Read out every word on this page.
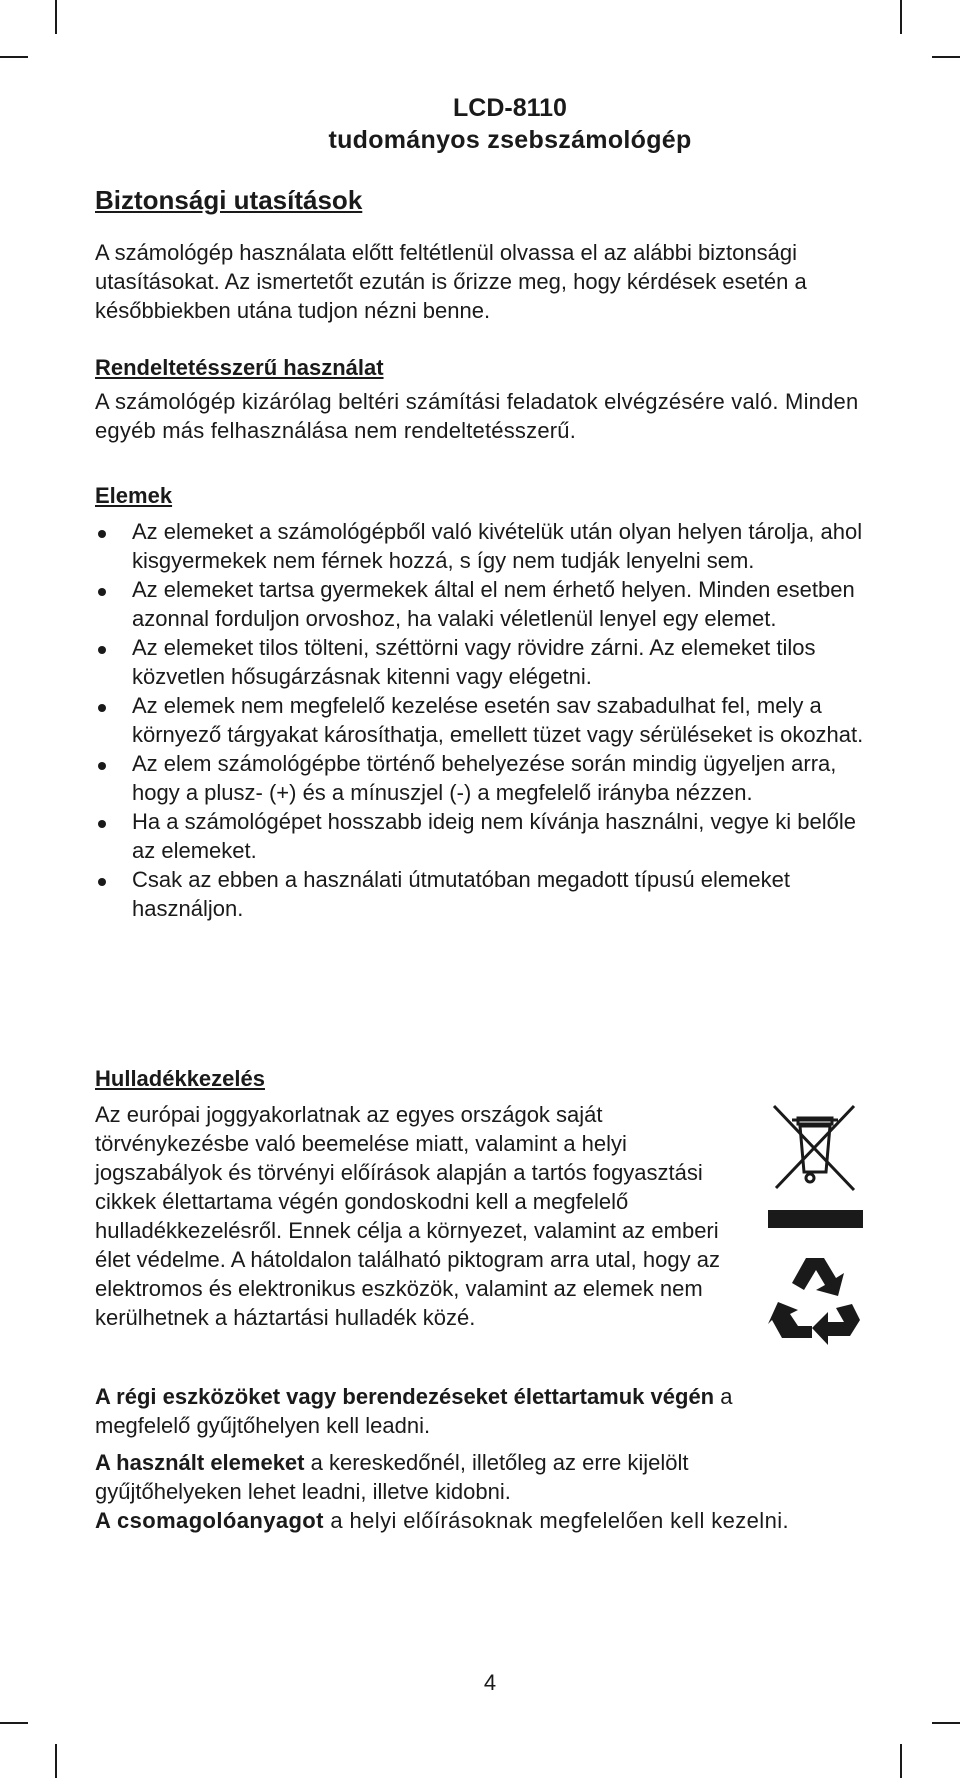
LCD-8110
tudományos zsebszámológép
Biztonsági utasítások

A számológép használata előtt feltétlenül olvassa el az alábbi biztonsági utasításokat. Az ismertetőt ezután is őrizze meg, hogy kérdések esetén a későbbiekben utána tudjon nézni benne.

Rendeltetésszerű használat

A számológép kizárólag beltéri számítási feladatok elvégzésére való. Minden egyéb más felhasználása nem rendeltetésszerű.

Elemek

Az elemeket a számológépből való kivételük után olyan helyen tárolja, ahol kisgyermekek nem férnek hozzá, s így nem tudják lenyelni sem.
Az elemeket tartsa gyermekek által el nem érhető helyen. Minden esetben azonnal forduljon orvoshoz, ha valaki véletlenül lenyel egy elemet.
Az elemeket tilos tölteni, széttörni vagy rövidre zárni. Az elemeket tilos közvetlen hősugárzásnak kitenni vagy elégetni.
Az elemek nem megfelelő kezelése esetén sav szabadulhat fel, mely a környező tárgyakat károsíthatja, emellett tüzet vagy sérüléseket is okozhat.
Az elem számológépbe történő behelyezése során mindig ügyeljen arra, hogy a plusz- (+) és a mínuszjel (-) a megfelelő irányba nézzen.
Ha a számológépet hosszabb ideig nem kívánja használni, vegye ki belőle az elemeket.
Csak az ebben a használati útmutatóban megadott típusú elemeket használjon.

Hulladékkezelés

Az európai joggyakorlatnak az egyes országok saját törvénykezésbe való beemelése miatt, valamint a helyi jogszabályok és törvényi előírások alapján a tartós fogyasztási cikkek élettartama végén gondoskodni kell a megfelelő hulladékkezelésről. Ennek célja a környezet, valamint az emberi élet védelme. A hátoldalon található piktogram arra utal, hogy az elektromos és elektronikus eszközök, valamint az elemek nem kerülhetnek a háztartási hulladék közé.

A régi eszközöket vagy berendezéseket élettartamuk végén a megfelelő gyűjtőhelyen kell leadni.

A használt elemeket a kereskedőnél, illetőleg az erre kijelölt gyűjtőhelyeken lehet leadni, illetve kidobni.

A csomagolóanyagot a helyi előírásoknak megfelelően kell kezelni.

4
